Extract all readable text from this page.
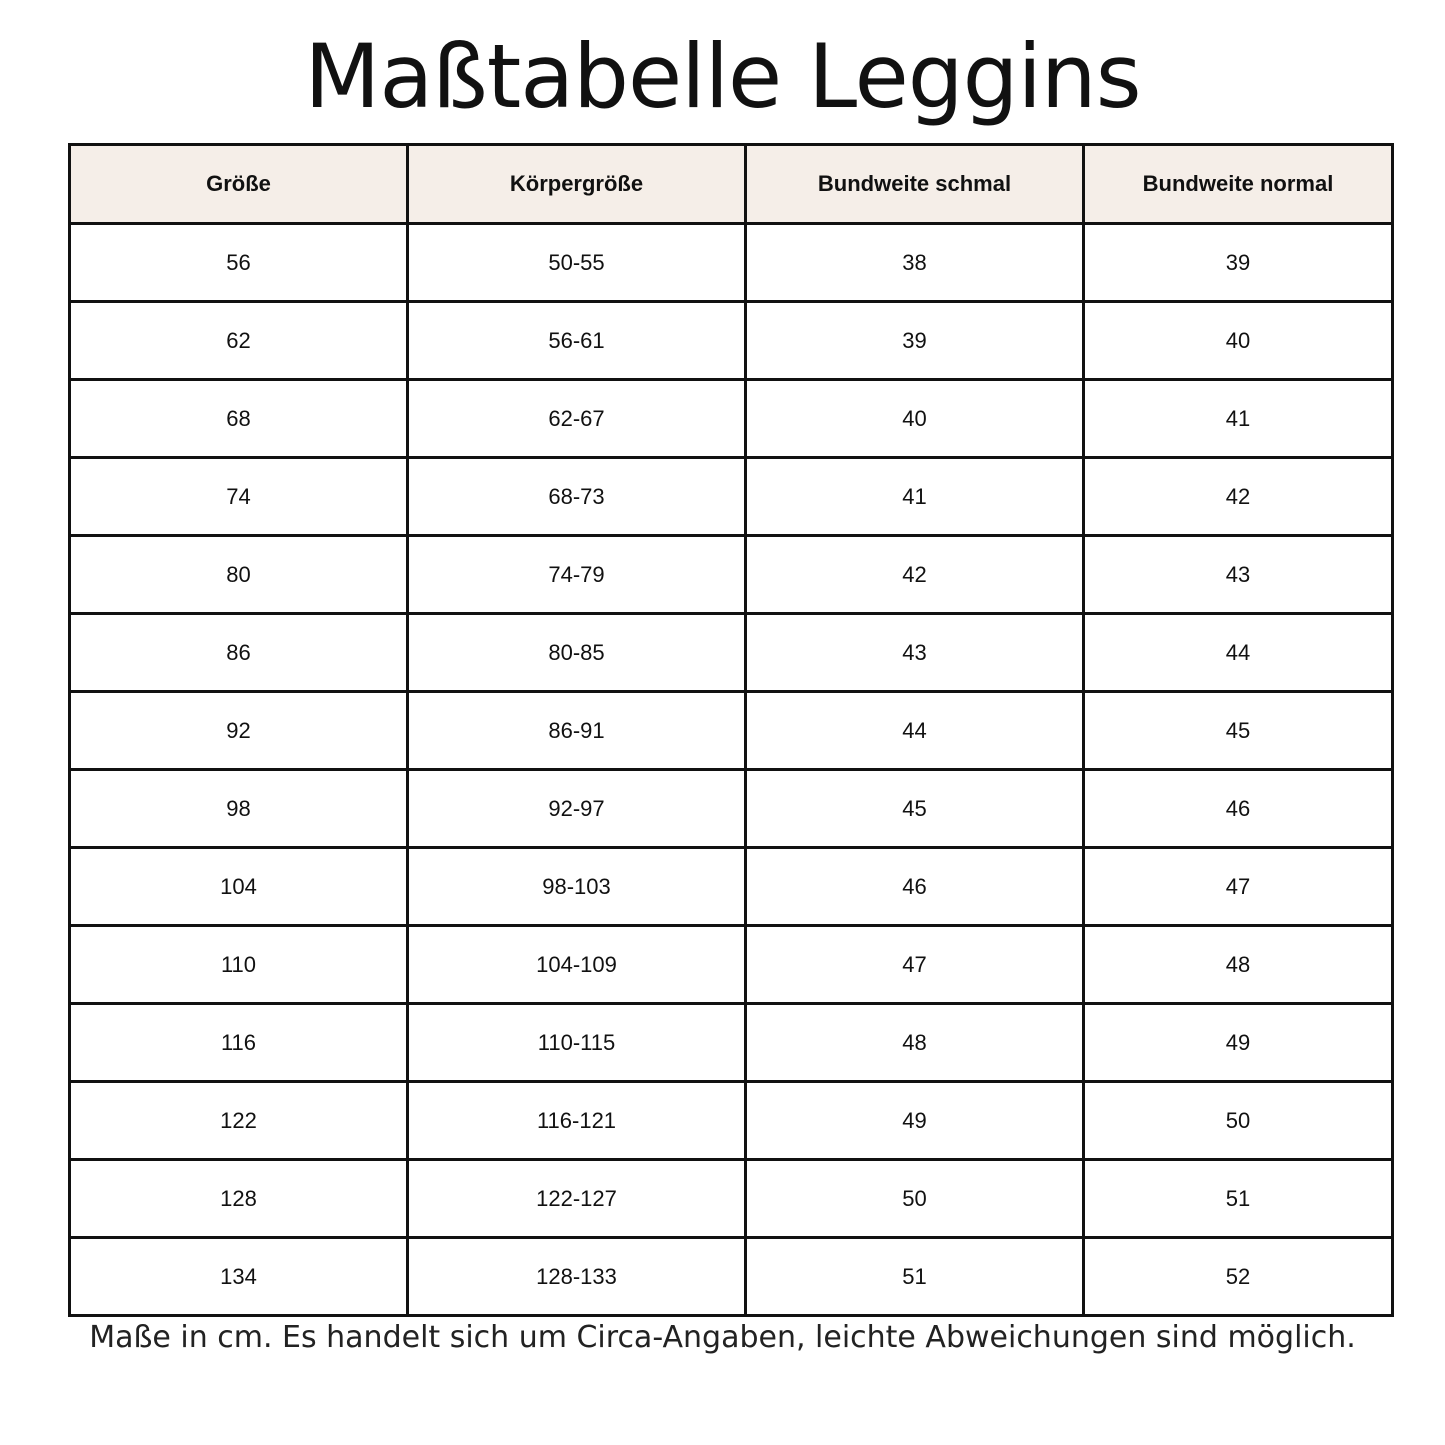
Maßtabelle Leggins
Größe	Körpergröße	Bundweite schmal	Bundweite normal
56	50-55	38	39
62	56-61	39	40
68	62-67	40	41
74	68-73	41	42
80	74-79	42	43
86	80-85	43	44
92	86-91	44	45
98	92-97	45	46
104	98-103	46	47
110	104-109	47	48
116	110-115	48	49
122	116-121	49	50
128	122-127	50	51
134	128-133	51	52

Maße in cm. Es handelt sich um Circa-Angaben, leichte Abweichungen sind möglich.
